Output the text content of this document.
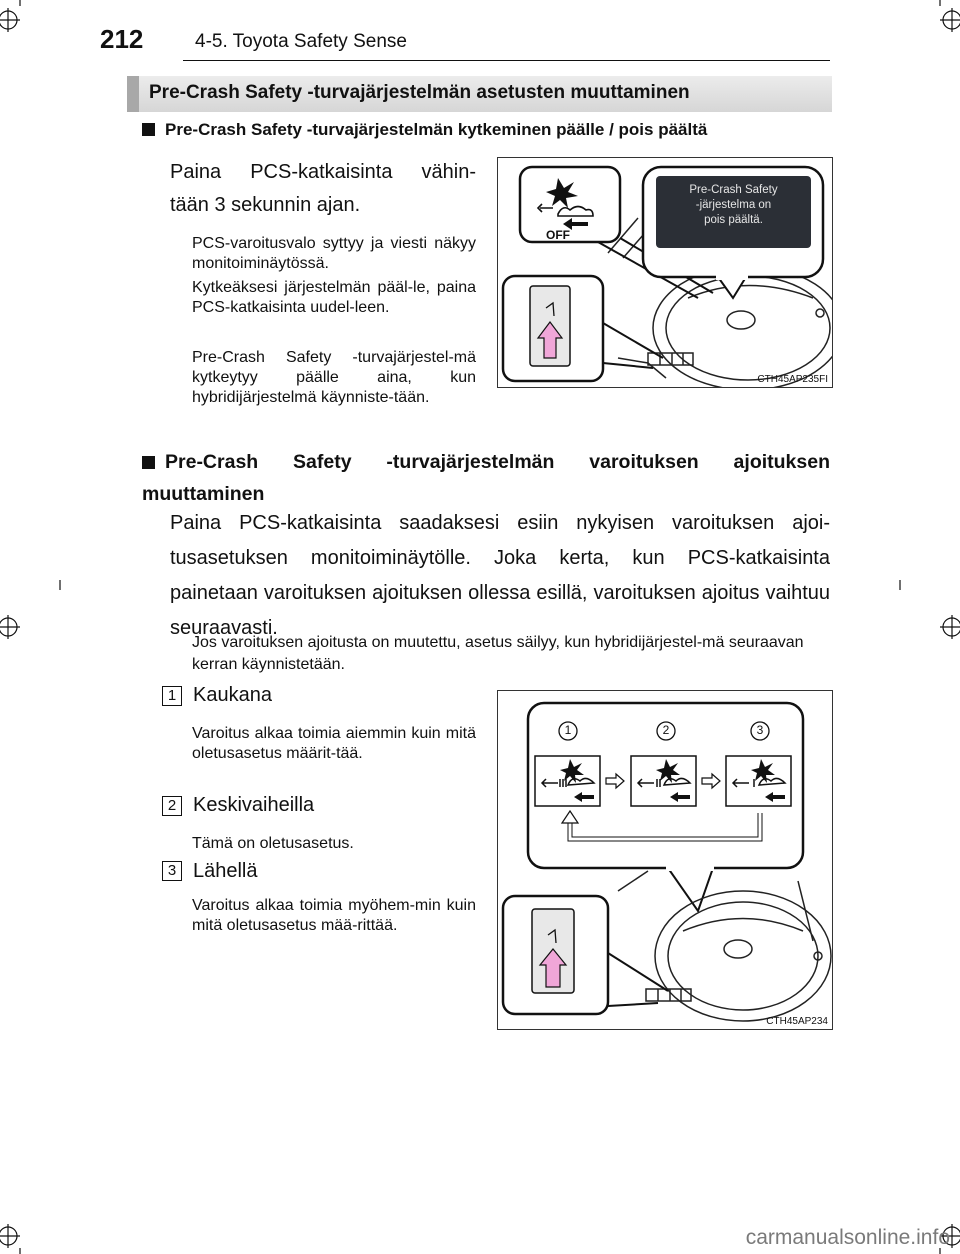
212	4-5. Toyota Safety Sense
Pre-Crash Safety -turvajärjestelmän asetusten muuttaminen
Pre-Crash Safety -turvajärjestelmän kytkeminen päälle / pois päältä
Paina PCS-katkaisinta vähin-
tään 3 sekunnin ajan.
PCS-varoitusvalo syttyy ja viesti näkyy monitoiminäytössä.
Kytkeäksesi järjestelmän pääl-le, paina PCS-katkaisinta uudel-leen.
Pre-Crash Safety -turvajärjestel-mä kytkeytyy päälle aina, kun hybridijärjestelmä käynniste-tään.
OFF
Pre-Crash Safety
-järjestelma on
pois päältä.
CTH45AP235FI
Pre-Crash Safety -turvajärjestelmän varoituksen ajoituksen muuttaminen
Paina PCS-katkaisinta saadaksesi esiin nykyisen varoituksen ajoi-tusasetuksen monitoiminäytölle. Joka kerta, kun PCS-katkaisinta painetaan varoituksen ajoituksen ollessa esillä, varoituksen ajoitus vaihtuu seuraavasti.
Jos varoituksen ajoitusta on muutettu, asetus säilyy, kun hybridijärjestel-mä seuraavan kerran käynnistetään.
1 Kaukana
Varoitus alkaa toimia aiemmin kuin mitä oletusasetus määrit-tää.
2 Keskivaiheilla
Tämä on oletusasetus.
3 Lähellä
Varoitus alkaa toimia myöhem-min kuin mitä oletusasetus mää-rittää.
1	2	3
CTH45AP234
carmanualsonline.info
